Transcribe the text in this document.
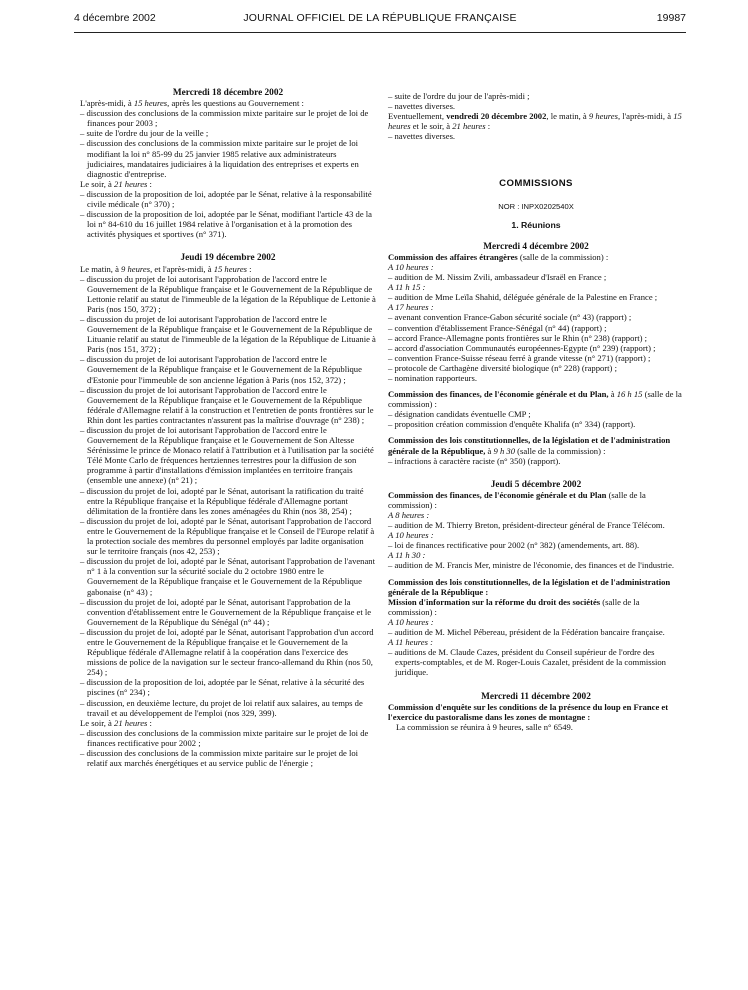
4 décembre 2002	JOURNAL OFFICIEL DE LA RÉPUBLIQUE FRANÇAISE	19987

Mercredi 18 décembre 2002

L'après-midi, à 15 heures, après les questions au Gouvernement :

– discussion des conclusions de la commission mixte paritaire sur le projet de loi de finances pour 2003 ;

– suite de l'ordre du jour de la veille ;

– discussion des conclusions de la commission mixte paritaire sur le projet de loi modifiant la loi n° 85-99 du 25 janvier 1985 relative aux administrateurs judiciaires, mandataires judiciaires à la liquidation des entreprises et experts en diagnostic d'entreprise.

Le soir, à 21 heures :

– discussion de la proposition de loi, adoptée par le Sénat, relative à la responsabilité civile médicale (n° 370) ;

– discussion de la proposition de loi, adoptée par le Sénat, modifiant l'article 43 de la loi n° 84-610 du 16 juillet 1984 relative à l'organisation et à la promotion des activités physiques et sportives (n° 371).

Jeudi 19 décembre 2002

Le matin, à 9 heures, et l'après-midi, à 15 heures :

– discussion du projet de loi autorisant l'approbation de l'accord entre le Gouvernement de la République française et le Gouvernement de la République de Lettonie relatif au statut de l'immeuble de la légation de la République de Lettonie à Paris (nos 150, 372) ;

– discussion du projet de loi autorisant l'approbation de l'accord entre le Gouvernement de la République française et le Gouvernement de la République de Lituanie relatif au statut de l'immeuble de la légation de la République de Lituanie à Paris (nos 151, 372) ;

– discussion du projet de loi autorisant l'approbation de l'accord entre le Gouvernement de la République française et le Gouvernement de la République d'Estonie pour l'immeuble de son ancienne légation à Paris (nos 152, 372) ;

– discussion du projet de loi autorisant l'approbation de l'accord entre le Gouvernement de la République française et le Gouvernement de la République fédérale d'Allemagne relatif à la construction et l'entretien de ponts frontières sur le Rhin dont les parties contractantes n'assurent pas la maîtrise d'ouvrage (n° 238) ;

– discussion du projet de loi autorisant l'approbation de l'accord entre le Gouvernement de la République française et le Gouvernement de Son Altesse Sérénissime le prince de Monaco relatif à l'attribution et à l'utilisation par la société Télé Monte Carlo de fréquences hertziennes terrestres pour la diffusion de son programme à partir d'installations d'émission implantées en territoire français (ensemble une annexe) (n° 21) ;

– discussion du projet de loi, adopté par le Sénat, autorisant la ratification du traité entre la République française et la République fédérale d'Allemagne portant délimitation de la frontière dans les zones aménagées du Rhin (nos 38, 254) ;

– discussion du projet de loi, adopté par le Sénat, autorisant l'approbation de l'accord entre le Gouvernement de la République française et le Conseil de l'Europe relatif à la protection sociale des membres du personnel employés par ladite organisation sur le territoire français (nos 42, 253) ;

– discussion du projet de loi, adopté par le Sénat, autorisant l'approbation de l'avenant n° 1 à la convention sur la sécurité sociale du 2 octobre 1980 entre le Gouvernement de la République française et le Gouvernement de la République gabonaise (n° 43) ;

– discussion du projet de loi, adopté par le Sénat, autorisant l'approbation de la convention d'établissement entre le Gouvernement de la République française et le Gouvernement de la République du Sénégal (n° 44) ;

– discussion du projet de loi, adopté par le Sénat, autorisant l'approbation d'un accord entre le Gouvernement de la République française et le Gouvernement de la République fédérale d'Allemagne relatif à la coopération dans l'exercice des missions de police de la navigation sur le secteur franco-allemand du Rhin (nos 50, 254) ;

– discussion de la proposition de loi, adoptée par le Sénat, relative à la sécurité des piscines (n° 234) ;

– discussion, en deuxième lecture, du projet de loi relatif aux salaires, au temps de travail et au développement de l'emploi (nos 329, 399).

Le soir, à 21 heures :

– discussion des conclusions de la commission mixte paritaire sur le projet de loi de finances rectificative pour 2002 ;

– discussion des conclusions de la commission mixte paritaire sur le projet de loi relatif aux marchés énergétiques et au service public de l'énergie ;

– suite de l'ordre du jour de l'après-midi ;

– navettes diverses.

Eventuellement, vendredi 20 décembre 2002, le matin, à 9 heures, l'après-midi, à 15 heures et le soir, à 21 heures :

– navettes diverses.

COMMISSIONS

NOR : INPX0202540X

1. Réunions

Mercredi 4 décembre 2002

Commission des affaires étrangères (salle de la commission) :

A 10 heures :

– audition de M. Nissim Zvili, ambassadeur d'Israël en France ;

A 11 h 15 :

– audition de Mme Leïla Shahid, déléguée générale de la Palestine en France ;

A 17 heures :

– avenant convention France-Gabon sécurité sociale (n° 43) (rapport) ;

– convention d'établissement France-Sénégal (n° 44) (rapport) ;

– accord France-Allemagne ponts frontières sur le Rhin (n° 238) (rapport) ;

– accord d'association Communautés européennes-Egypte (n° 239) (rapport) ;

– convention France-Suisse réseau ferré à grande vitesse (n° 271) (rapport) ;

– protocole de Carthagène diversité biologique (n° 228) (rapport) ;

– nomination rapporteurs.

Commission des finances, de l'économie générale et du Plan, à 16 h 15 (salle de la commission) :

– désignation candidats éventuelle CMP ;

– proposition création commission d'enquête Khalifa (n° 334) (rapport).

Commission des lois constitutionnelles, de la législation et de l'administration générale de la République, à 9 h 30 (salle de la commission) :

– infractions à caractère raciste (n° 350) (rapport).

Jeudi 5 décembre 2002

Commission des finances, de l'économie générale et du Plan (salle de la commission) :

A 8 heures :

– audition de M. Thierry Breton, président-directeur général de France Télécom.

A 10 heures :

– loi de finances rectificative pour 2002 (n° 382) (amendements, art. 88).

A 11 h 30 :

– audition de M. Francis Mer, ministre de l'économie, des finances et de l'industrie.

Commission des lois constitutionnelles, de la législation et de l'administration générale de la République :

Mission d'information sur la réforme du droit des sociétés (salle de la commission) :

A 10 heures :

– audition de M. Michel Pébereau, président de la Fédération bancaire française.

A 11 heures :

– auditions de M. Claude Cazes, président du Conseil supérieur de l'ordre des experts-comptables, et de M. Roger-Louis Cazalet, président de la commission juridique.

Mercredi 11 décembre 2002

Commission d'enquête sur les conditions de la présence du loup en France et l'exercice du pastoralisme dans les zones de montagne :

La commission se réunira à 9 heures, salle n° 6549.
